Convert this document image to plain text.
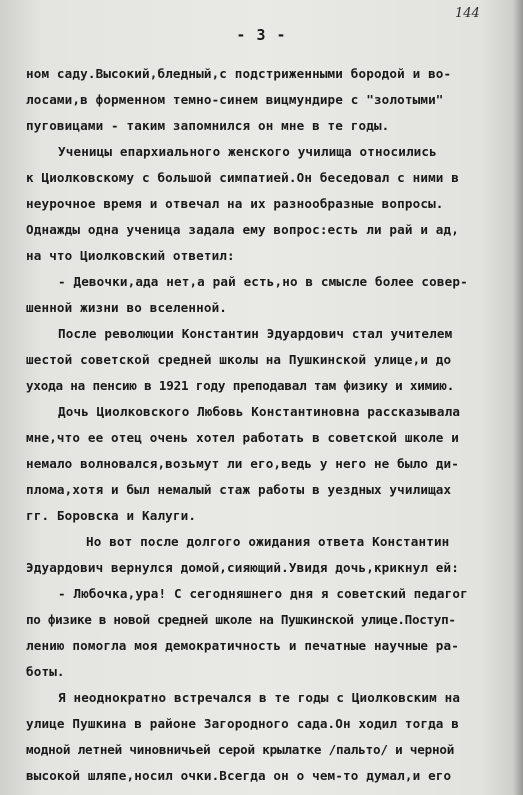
144
- 3 -
ном саду.Высокий,бледный,с подстриженными бородой и во-
лосами,в форменном темно-синем вицмундире с "золотыми"
пуговицами - таким запомнился он мне в те годы.
Ученицы епархиального женского училища относились
к Циолковскому с большой симпатией.Он беседовал с ними в
неурочное время и отвечал на их разнообразные вопросы.
Однажды одна ученица задала ему вопрос:есть ли рай и ад,
на что Циолковский ответил:
- Девочки,ада нет,а рай есть,но в смысле более совер-
шенной жизни во вселенной.
После революции Константин Эдуардович стал учителем
шестой советской средней школы на Пушкинской улице,и до
ухода на пенсию в 1921 году преподавал там физику и химию.
Дочь Циолковского Любовь Константиновна рассказывала
мне,что ее отец очень хотел работать в советской школе и
немало волновался,возьмут ли его,ведь у него не было ди-
плома,хотя и был немалый стаж работы в уездных училищах
гг. Боровска и Калуги.
Но вот после долгого ожидания ответа Константин
Эдуардович вернулся домой,сияющий.Увидя дочь,крикнул ей:
- Любочка,ура! С сегодняшнего дня я советский педагог
по физике в новой средней школе на Пушкинской улице.Поступ-
лению помогла моя демократичность и печатные научные ра-
боты.
Я неоднократно встречался в те годы с Циолковским на
улице Пушкина в районе Загородного сада.Он ходил тогда в
модной летней чиновничьей серой крылатке /пальто/ и черной
высокой шляпе,носил очки.Всегда он о чем-то думал,и его
